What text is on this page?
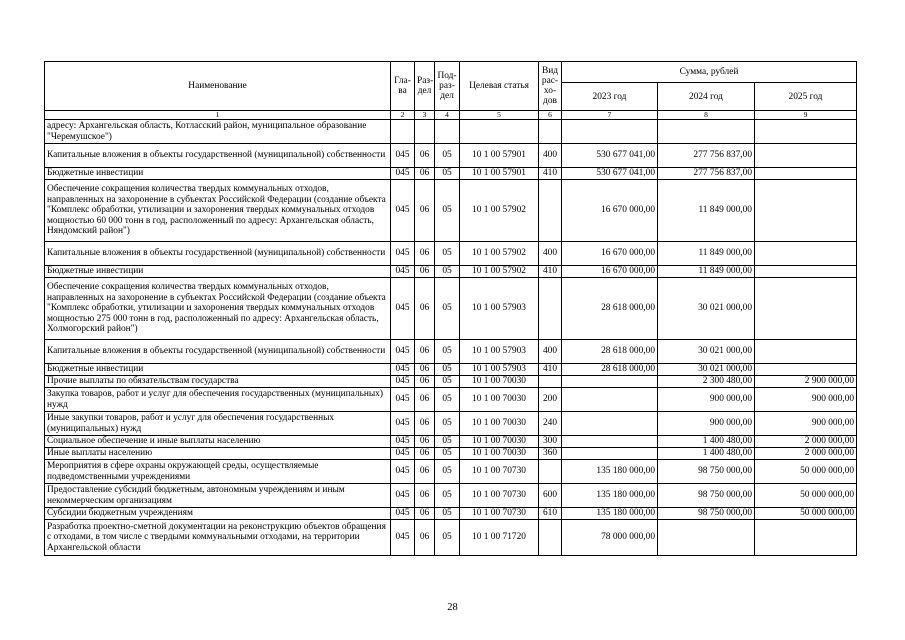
Наименование	Гла-ва	Раз-дел	Под-раз-дел	Целевая статья	Вид рас-хо-дов	Сумма, рублей		
						2023 год	2024 год	2025 год
1	2	3	4	5	6	7	8	9
адресу: Архангельская область, Котласский район, муниципальное образование "Черемушское")								
Капитальные вложения в объекты государственной (муниципальной) собственности	045	06	05	10 1 00 57901	400	530 677 041,00	277 756 837,00	
Бюджетные инвестиции	045	06	05	10 1 00 57901	410	530 677 041,00	277 756 837,00	
Обеспечение сокращения количества твердых коммунальных отходов, направленных на захоронение в субъектах Российской Федерации (создание объекта "Комплекс обработки, утилизации и захоронения твердых коммунальных отходов мощностью 60 000 тонн в год, расположенный по адресу: Архангельская область, Няндомский район")	045	06	05	10 1 00 57902		16 670 000,00	11 849 000,00	
Капитальные вложения в объекты государственной (муниципальной) собственности	045	06	05	10 1 00 57902	400	16 670 000,00	11 849 000,00	
Бюджетные инвестиции	045	06	05	10 1 00 57902	410	16 670 000,00	11 849 000,00	
Обеспечение сокращения количества твердых коммунальных отходов, направленных на захоронение в субъектах Российской Федерации (создание объекта "Комплекс обработки, утилизации и захоронения твердых коммунальных отходов мощностью 275 000 тонн в год, расположенный по адресу: Архангельская область, Холмогорский район")	045	06	05	10 1 00 57903		28 618 000,00	30 021 000,00	
Капитальные вложения в объекты государственной (муниципальной) собственности	045	06	05	10 1 00 57903	400	28 618 000,00	30 021 000,00	
Бюджетные инвестиции	045	06	05	10 1 00 57903	410	28 618 000,00	30 021 000,00	
Прочие выплаты по обязательствам государства	045	06	05	10 1 00 70030			2 300 480,00	2 900 000,00
Закупка товаров, работ и услуг для обеспечения государственных (муниципальных) нужд	045	06	05	10 1 00 70030	200		900 000,00	900 000,00
Иные закупки товаров, работ и услуг для обеспечения государственных (муниципальных) нужд	045	06	05	10 1 00 70030	240		900 000,00	900 000,00
Социальное обеспечение и иные выплаты населению	045	06	05	10 1 00 70030	300		1 400 480,00	2 000 000,00
Иные выплаты населению	045	06	05	10 1 00 70030	360		1 400 480,00	2 000 000,00
Мероприятия в сфере охраны окружающей среды, осуществляемые подведомственными учреждениями	045	06	05	10 1 00 70730		135 180 000,00	98 750 000,00	50 000 000,00
Предоставление субсидий бюджетным, автономным учреждениям и иным некоммерческим организациям	045	06	05	10 1 00 70730	600	135 180 000,00	98 750 000,00	50 000 000,00
Субсидии бюджетным учреждениям	045	06	05	10 1 00 70730	610	135 180 000,00	98 750 000,00	50 000 000,00
Разработка проектно-сметной документации на реконструкцию объектов обращения с отходами, в том числе с твердыми коммунальными отходами, на территории Архангельской области	045	06	05	10 1 00 71720		78 000 000,00		
28
